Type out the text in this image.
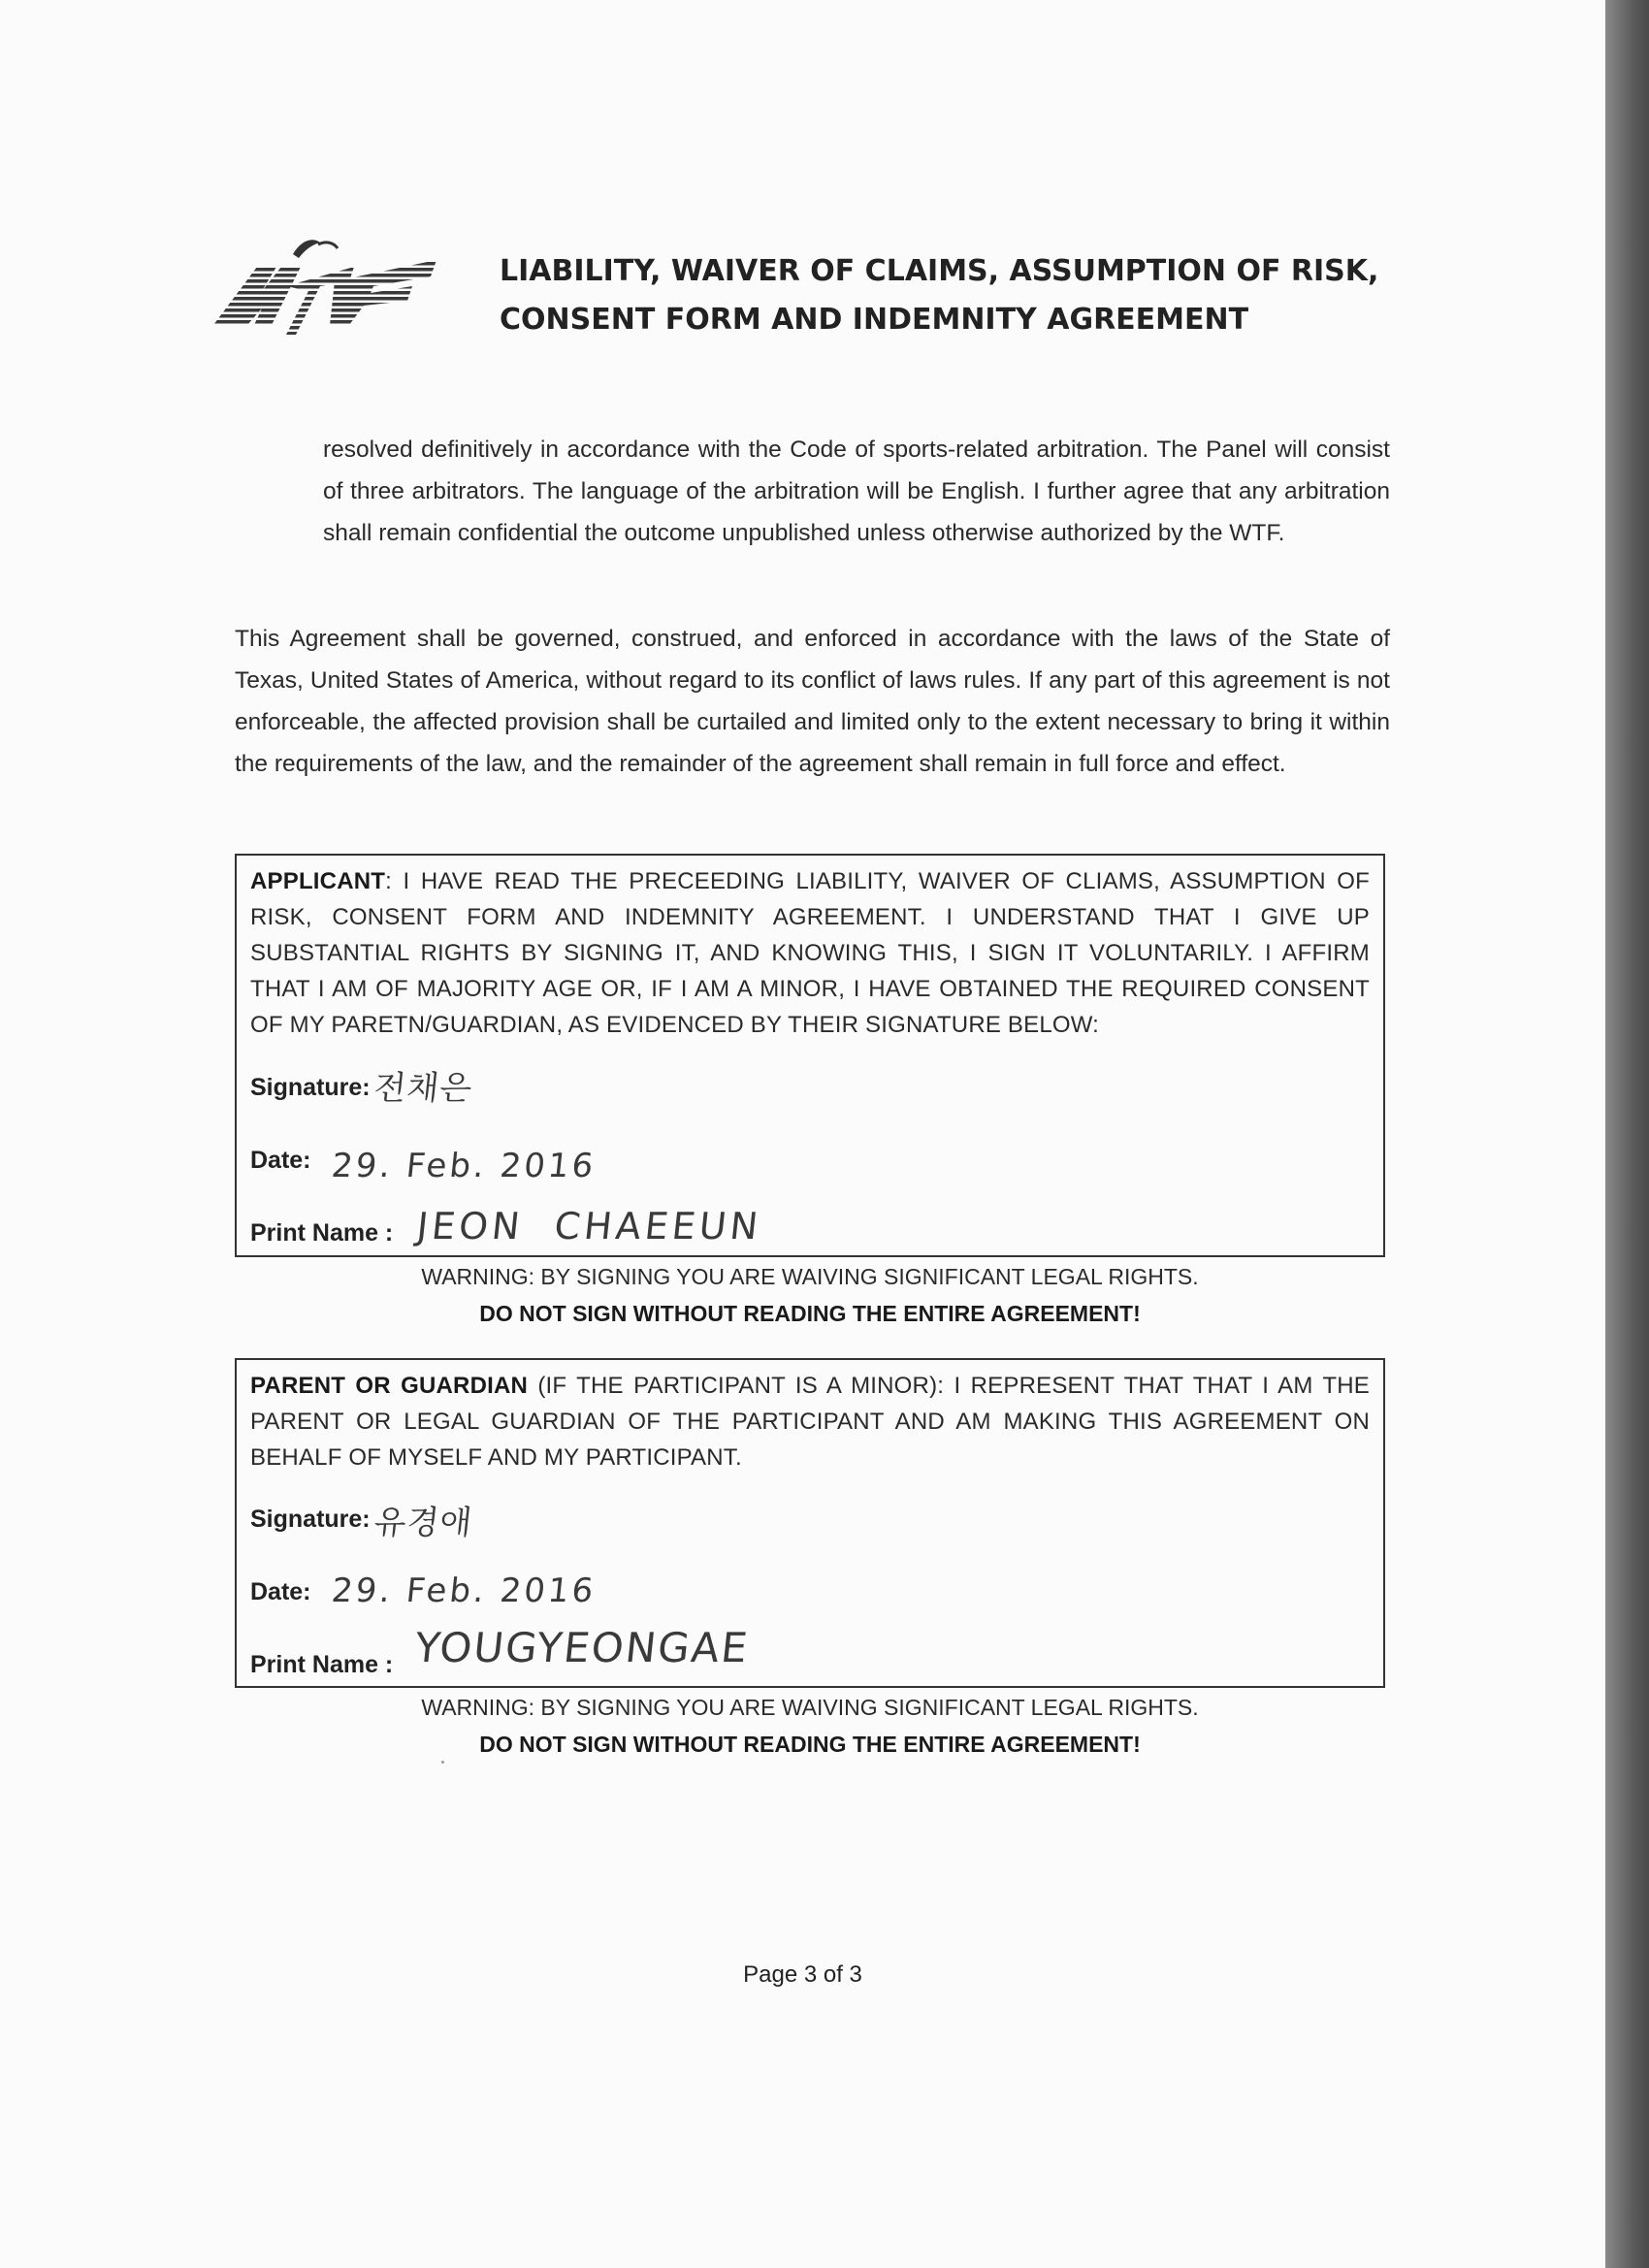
LIABILITY, WAIVER OF CLAIMS, ASSUMPTION OF RISK,
CONSENT FORM AND INDEMNITY AGREEMENT

resolved definitively in accordance with the Code of sports-related arbitration. The Panel will consist of three arbitrators. The language of the arbitration will be English. I further agree that any arbitration shall remain confidential the outcome unpublished unless otherwise authorized by the WTF.

This Agreement shall be governed, construed, and enforced in accordance with the laws of the State of Texas, United States of America, without regard to its conflict of laws rules. If any part of this agreement is not enforceable, the affected provision shall be curtailed and limited only to the extent necessary to bring it within the requirements of the law, and the remainder of the agreement shall remain in full force and effect.

APPLICANT: I HAVE READ THE PRECEEDING LIABILITY, WAIVER OF CLIAMS, ASSUMPTION OF RISK, CONSENT FORM AND INDEMNITY AGREEMENT. I UNDERSTAND THAT I GIVE UP SUBSTANTIAL RIGHTS BY SIGNING IT, AND KNOWING THIS, I SIGN IT VOLUNTARILY. I AFFIRM THAT I AM OF MAJORITY AGE OR, IF I AM A MINOR, I HAVE OBTAINED THE REQUIRED CONSENT OF MY PARETN/GUARDIAN, AS EVIDENCED BY THEIR SIGNATURE BELOW:

Signature: 전채은
Date: 29. Feb. 2016
Print Name : JEON  CHAEEUN
WARNING: BY SIGNING YOU ARE WAIVING SIGNIFICANT LEGAL RIGHTS.
DO NOT SIGN WITHOUT READING THE ENTIRE AGREEMENT!

PARENT OR GUARDIAN (IF THE PARTICIPANT IS A MINOR): I REPRESENT THAT THAT I AM THE PARENT OR LEGAL GUARDIAN OF THE PARTICIPANT AND AM MAKING THIS AGREEMENT ON BEHALF OF MYSELF AND MY PARTICIPANT.

Signature: 유경애
Date: 29. Feb. 2016
Print Name : YOUGYEONGAE
WARNING: BY SIGNING YOU ARE WAIVING SIGNIFICANT LEGAL RIGHTS.
DO NOT SIGN WITHOUT READING THE ENTIRE AGREEMENT!
Page 3 of 3
